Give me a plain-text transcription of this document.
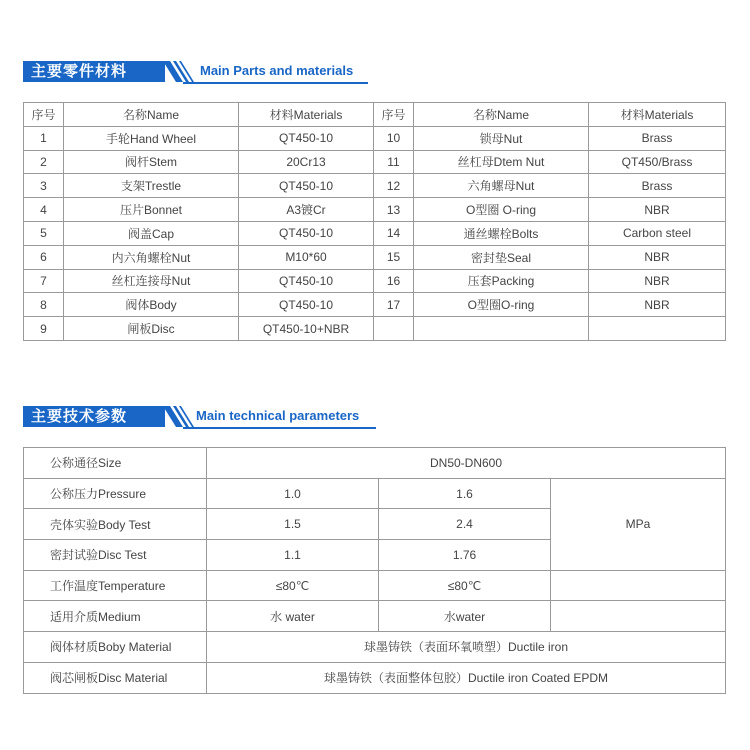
主要零件材料	Main Parts and materials
序号	名称Name	材料Materials	序号	名称Name	材料Materials
1	手轮Hand Wheel	QT450-10	10	锁母Nut	Brass
2	阀杆Stem	20Cr13	11	丝杠母Dtem Nut	QT450/Brass
3	支架Trestle	QT450-10	12	六角螺母Nut	Brass
4	压片Bonnet	A3镀Cr	13	O型圈 O-ring	NBR
5	阀盖Cap	QT450-10	14	通丝螺栓Bolts	Carbon steel
6	内六角螺栓Nut	M10*60	15	密封垫Seal	NBR
7	丝杠连接母Nut	QT450-10	16	压套Packing	NBR
8	阀体Body	QT450-10	17	O型圈O-ring	NBR
9	闸板Disc	QT450-10+NBR			
主要技术参数	Main technical parameters
公称通径Size	DN50-DN600		
公称压力Pressure	1.0	1.6	MPa
壳体实验Body Test	1.5	2.4	
密封试验Disc Test	1.1	1.76	
工作温度Temperature	≤80℃	≤80℃	
适用介质Medium	水 water	水water	
阀体材质Boby Material	球墨铸铁（表面环氧喷塑）Ductile iron		
阀芯闸板Disc Material	球墨铸铁（表面整体包胶）Ductile iron Coated EPDM		
